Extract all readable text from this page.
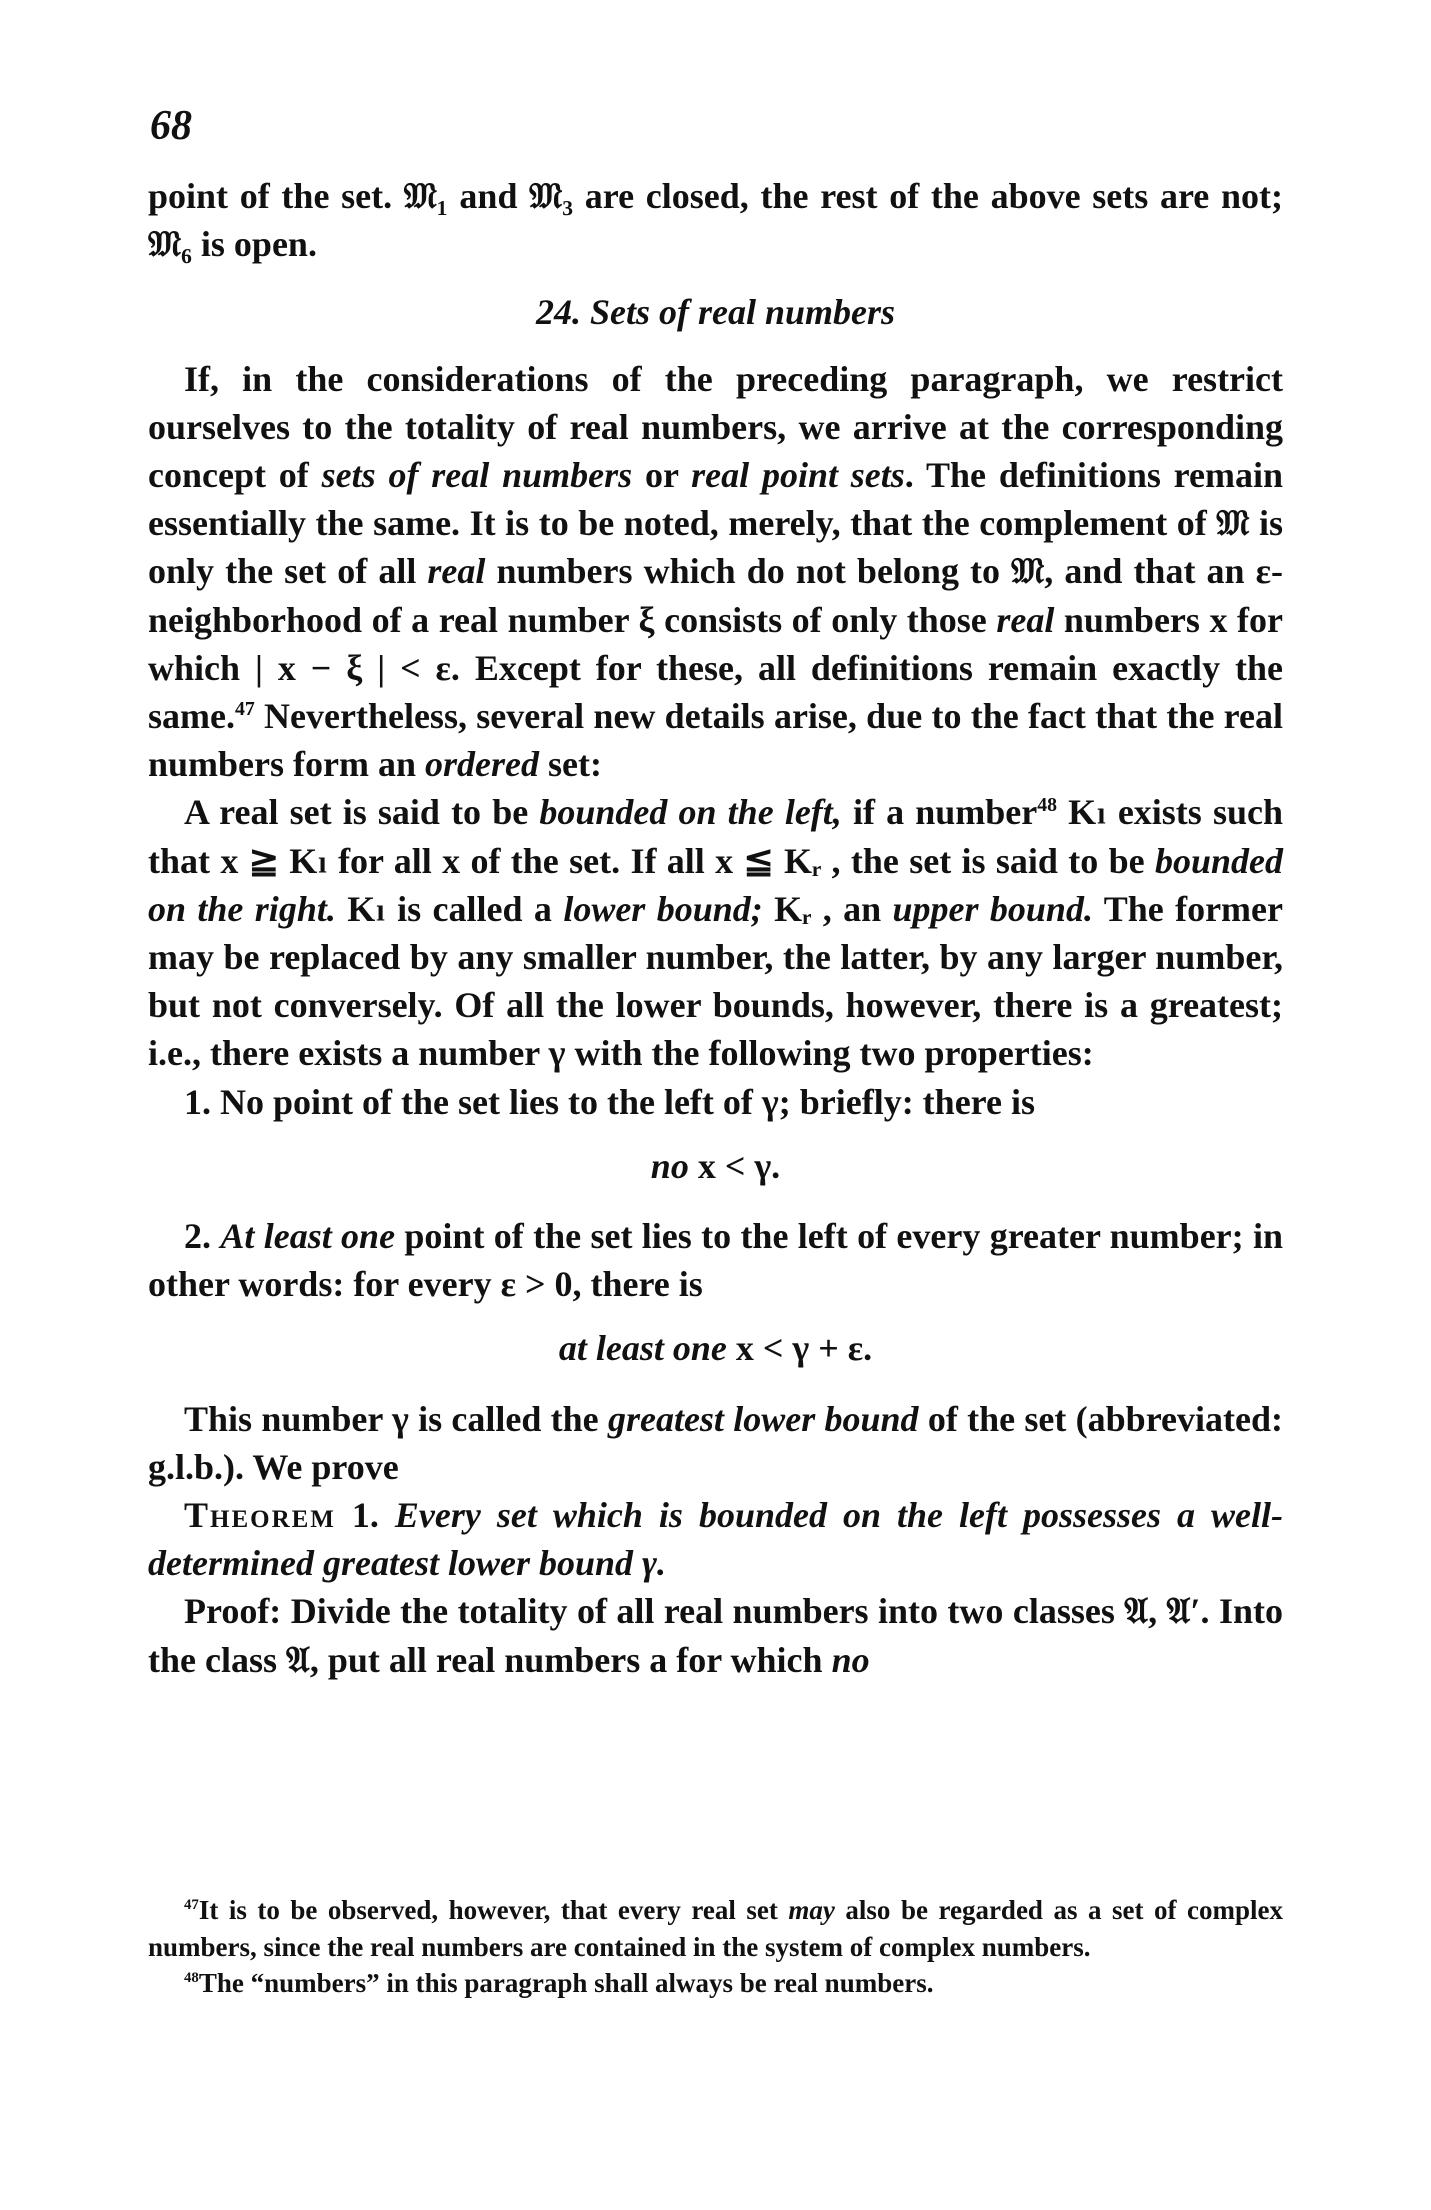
68

point of the set. 𝔐₁ and 𝔐₃ are closed, the rest of the above sets are not; 𝔐₆ is open.

24. Sets of real numbers

If, in the considerations of the preceding paragraph, we restrict ourselves to the totality of real numbers, we arrive at the corresponding concept of sets of real numbers or real point sets. The definitions remain essentially the same. It is to be noted, merely, that the complement of 𝔐 is only the set of all real numbers which do not belong to 𝔐, and that an ε-neighborhood of a real number ξ consists of only those real numbers x for which | x − ξ | < ε. Except for these, all definitions remain exactly the same.$^{47}$ Nevertheless, several new details arise, due to the fact that the real numbers form an ordered set:

A real set is said to be bounded on the left, if a number$^{48}$ Kₗ exists such that x ≧ Kₗ for all x of the set. If all x ≦ Kᵣ , the set is said to be bounded on the right. Kₗ is called a lower bound; Kᵣ , an upper bound. The former may be replaced by any smaller number, the latter, by any larger number, but not conversely. Of all the lower bounds, however, there is a greatest; i.e., there exists a number γ with the following two properties:

1. No point of the set lies to the left of γ; briefly: there is

no x < γ.

2. At least one point of the set lies to the left of every greater number; in other words: for every ε > 0, there is

at least one x < γ + ε.

This number γ is called the greatest lower bound of the set (abbreviated: g.l.b.). We prove

Theorem 1. Every set which is bounded on the left possesses a well-determined greatest lower bound γ.

Proof: Divide the totality of all real numbers into two classes 𝔄, 𝔄′. Into the class 𝔄, put all real numbers a for which no

$^{47}$It is to be observed, however, that every real set may also be regarded as a set of complex numbers, since the real numbers are contained in the system of complex numbers.

$^{48}$The “numbers” in this paragraph shall always be real numbers.
